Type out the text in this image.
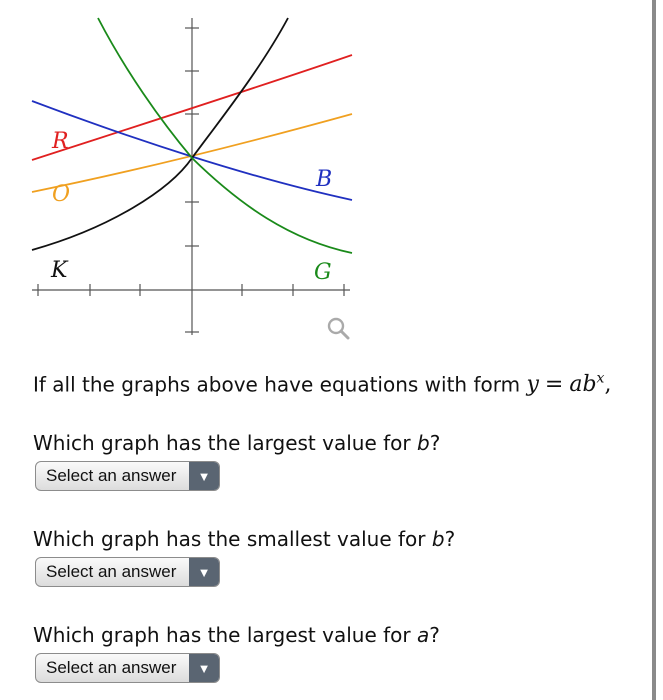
R
O
B
K	G
If all the graphs above have equations with form $y = ab^x$,
Which graph has the largest value for b?
Select an answer	▼
Which graph has the smallest value for b?
Select an answer	▼
Which graph has the largest value for a?
Select an answer	▼
